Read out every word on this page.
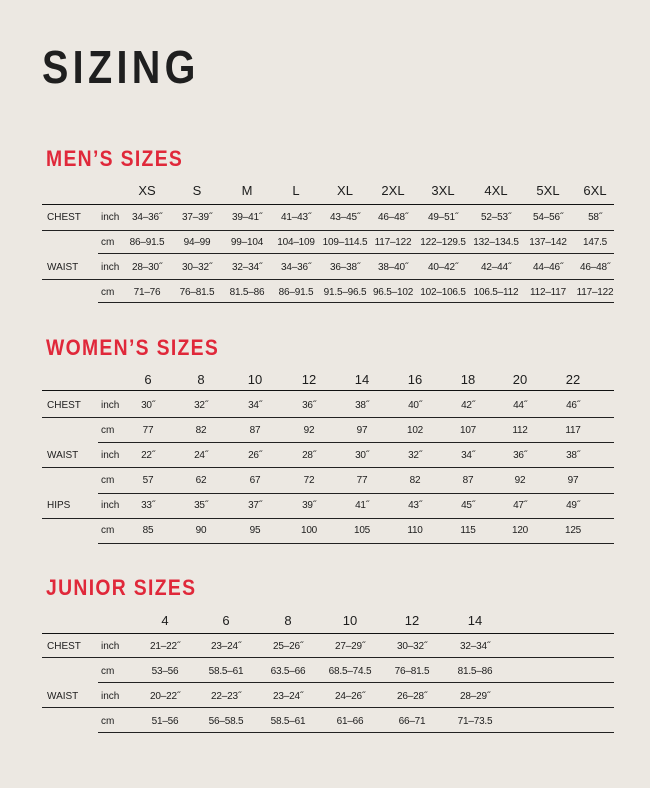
SIZING
MEN’S SIZES
XS	S	M	L	XL 2XL 3XL 4XL 5XL 6XL
CHEST inch 34–36˝ 37–39˝ 39–41˝ 41–43˝ 43–45˝ 46–48˝ 49–51˝ 52–53˝ 54–56˝	58˝
cm 86–91.5 94–99 99–104 104–109 109–114.5 117–122 122–129.5 132–134.5 137–142 147.5
WAIST inch 28–30˝ 30–32˝ 32–34˝ 34–36˝ 36–38˝ 38–40˝ 40–42˝ 42–44˝ 44–46˝ 46–48˝
cm 71–76 76–81.5 81.5–86 86–91.5 91.5–96.5 96.5–102 102–106.5 106.5–112 112–117 117–122
WOMEN’S SIZES
6	8	10	12	14	16	18	20	22
CHEST inch 30˝	32˝	34˝	36˝	38˝	40˝	42˝	44˝	46˝
cm	77	82	87	92	97	102	107	112	117
WAIST inch 22˝	24˝	26˝	28˝	30˝	32˝	34˝	36˝	38˝
cm	57	62	67	72	77	82	87	92	97
HIPS	inch 33˝	35˝	37˝	39˝	41˝	43˝	45˝	47˝	49˝
cm	85	90	95	100	105	110	115	120	125
JUNIOR SIZES
4	6	8	10	12	14
CHEST inch	21–22˝	23–24˝	25–26˝	27–29˝	30–32˝	32–34˝
cm	53–56	58.5–61	63.5–66 68.5–74.5 76–81.5	81.5–86
WAIST inch	20–22˝	22–23˝	23–24˝	24–26˝	26–28˝	28–29˝
cm	51–56	56–58.5	58.5–61	61–66	66–71	71–73.5
